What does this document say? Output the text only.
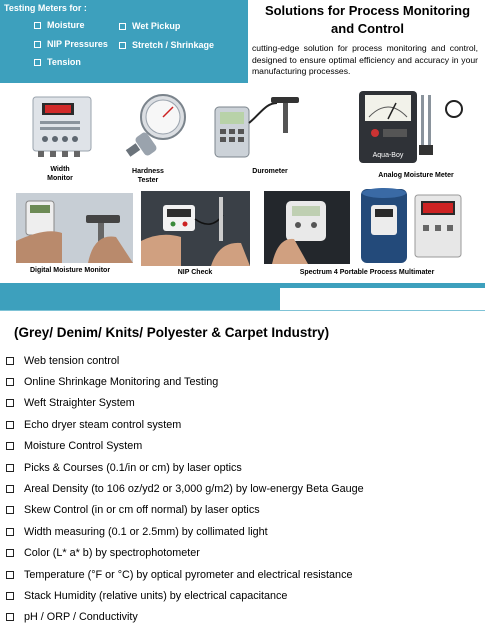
Testing Meters for :
Moisture	Wet Pickup
NIP Pressures	Stretch / Shrinkage
Tension
Solutions for Process Monitoring and Control
cutting-edge solution for process monitoring and control, designed to ensure optimal efficiency and accuracy in your manufacturing processes.
Width Monitor
Hardness Tester
Durometer
Aqua-Boy
Analog Moisture Meter
Digital Moisture Monitor	NIP Check	Spectrum 4 Portable Process Multimater
(Grey/ Denim/ Knits/ Polyester & Carpet Industry)
Web tension control
Online Shrinkage Monitoring and Testing
Weft Straighter System
Echo dryer steam control system
Moisture Control System
Picks & Courses (0.1/in or cm) by laser optics
Areal Density (to 106 oz/yd2 or 3,000 g/m2) by low-energy Beta Gauge
Skew Control (in or cm off normal) by laser optics
Width measuring (0.1 or 2.5mm) by collimated light
Color (L* a* b) by spectrophotometer
Temperature (°F or °C) by optical pyrometer and electrical resistance
Stack Humidity (relative units) by electrical capacitance
pH / ORP / Conductivity
